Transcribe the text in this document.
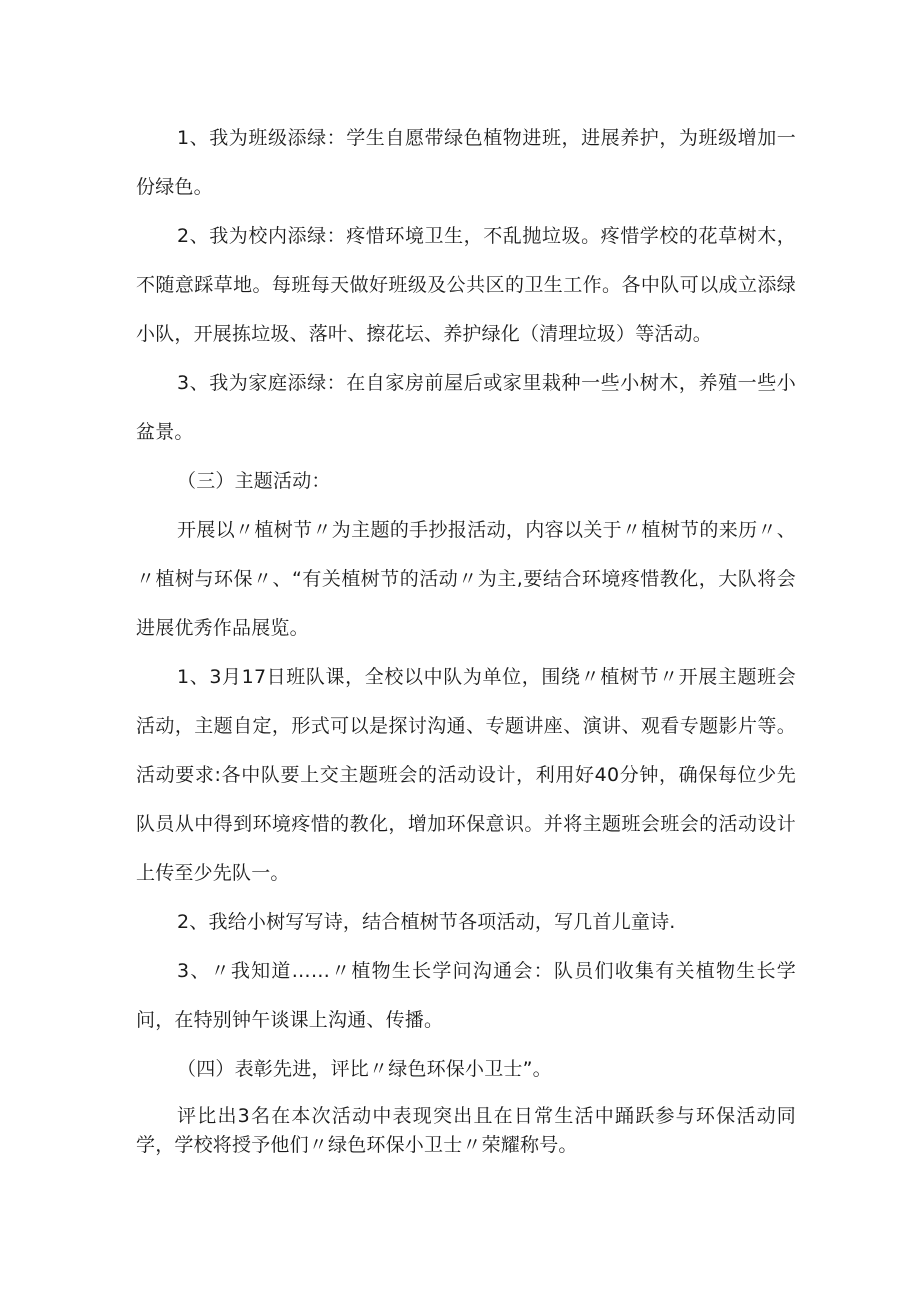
1、我为班级添绿：学生自愿带绿色植物进班，进展养护，为班级增加一份绿色。

2、我为校内添绿：疼惜环境卫生，不乱抛垃圾。疼惜学校的花草树木，不随意踩草地。每班每天做好班级及公共区的卫生工作。各中队可以成立添绿小队，开展拣垃圾、落叶、擦花坛、养护绿化（清理垃圾）等活动。

3、我为家庭添绿：在自家房前屋后或家里栽种一些小树木，养殖一些小盆景。

（三）主题活动：

开展以〃植树节〃为主题的手抄报活动，内容以关于〃植树节的来历〃、〃植树与环保〃、“有关植树节的活动〃为主,要结合环境疼惜教化，大队将会进展优秀作品展览。

1、3月17日班队课，全校以中队为单位，围绕〃植树节〃开展主题班会活动，主题自定，形式可以是探讨沟通、专题讲座、演讲、观看专题影片等。活动要求:各中队要上交主题班会的活动设计，利用好40分钟，确保每位少先队员从中得到环境疼惜的教化，增加环保意识。并将主题班会班会的活动设计上传至少先队一。

2、我给小树写写诗，结合植树节各项活动，写几首儿童诗.

3、〃我知道……〃植物生长学问沟通会：队员们收集有关植物生长学问，在特别钟午谈课上沟通、传播。

（四）表彰先进，评比〃绿色环保小卫士”。

评比出3名在本次活动中表现突出且在日常生活中踊跃参与环保活动同学，学校将授予他们〃绿色环保小卫士〃荣耀称号。
